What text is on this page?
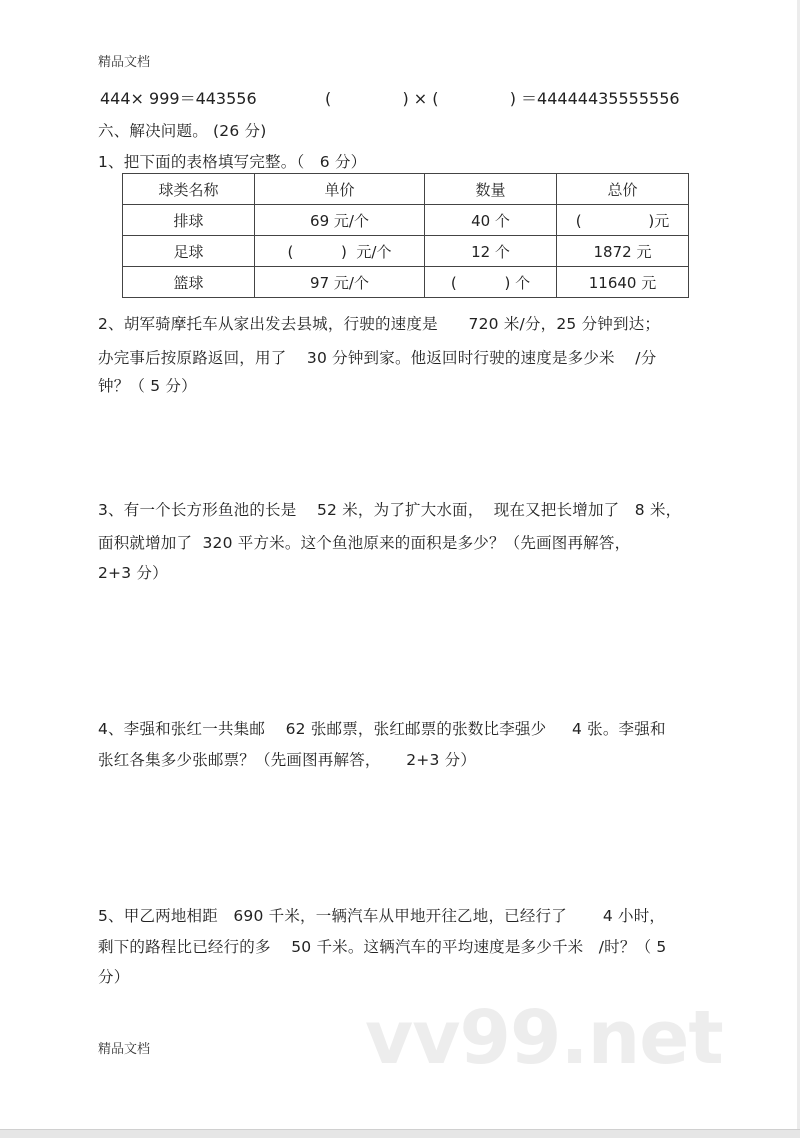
精品文档
444× 999＝443556	(              ) × (              ) ＝44444435555556
六、解决问题。 (26 分)
1、把下面的表格填写完整。（   6 分）
球类名称	单价	数量	总价
排球	69 元/个	40 个	(              )元
足球	(          )  元/个	12 个	1872 元
篮球	97 元/个	(          ) 个	11640 元
2、胡军骑摩托车从家出发去县城，行驶的速度是      720 米/分，25 分钟到达；
办完事后按原路返回，用了    30 分钟到家。他返回时行驶的速度是多少米    /分
钟？（ 5 分）
3、有一个长方形鱼池的长是    52 米，为了扩大水面，  现在又把长增加了   8 米，
面积就增加了  320 平方米。这个鱼池原来的面积是多少？（先画图再解答，
2+3 分）
4、李强和张红一共集邮    62 张邮票，张红邮票的张数比李强少     4 张。李强和
张红各集多少张邮票？（先画图再解答，     2+3 分）
5、甲乙两地相距   690 千米，一辆汽车从甲地开往乙地，已经行了       4 小时，
剩下的路程比已经行的多    50 千米。这辆汽车的平均速度是多少千米   /时？（ 5
分）
vv99.net
精品文档
